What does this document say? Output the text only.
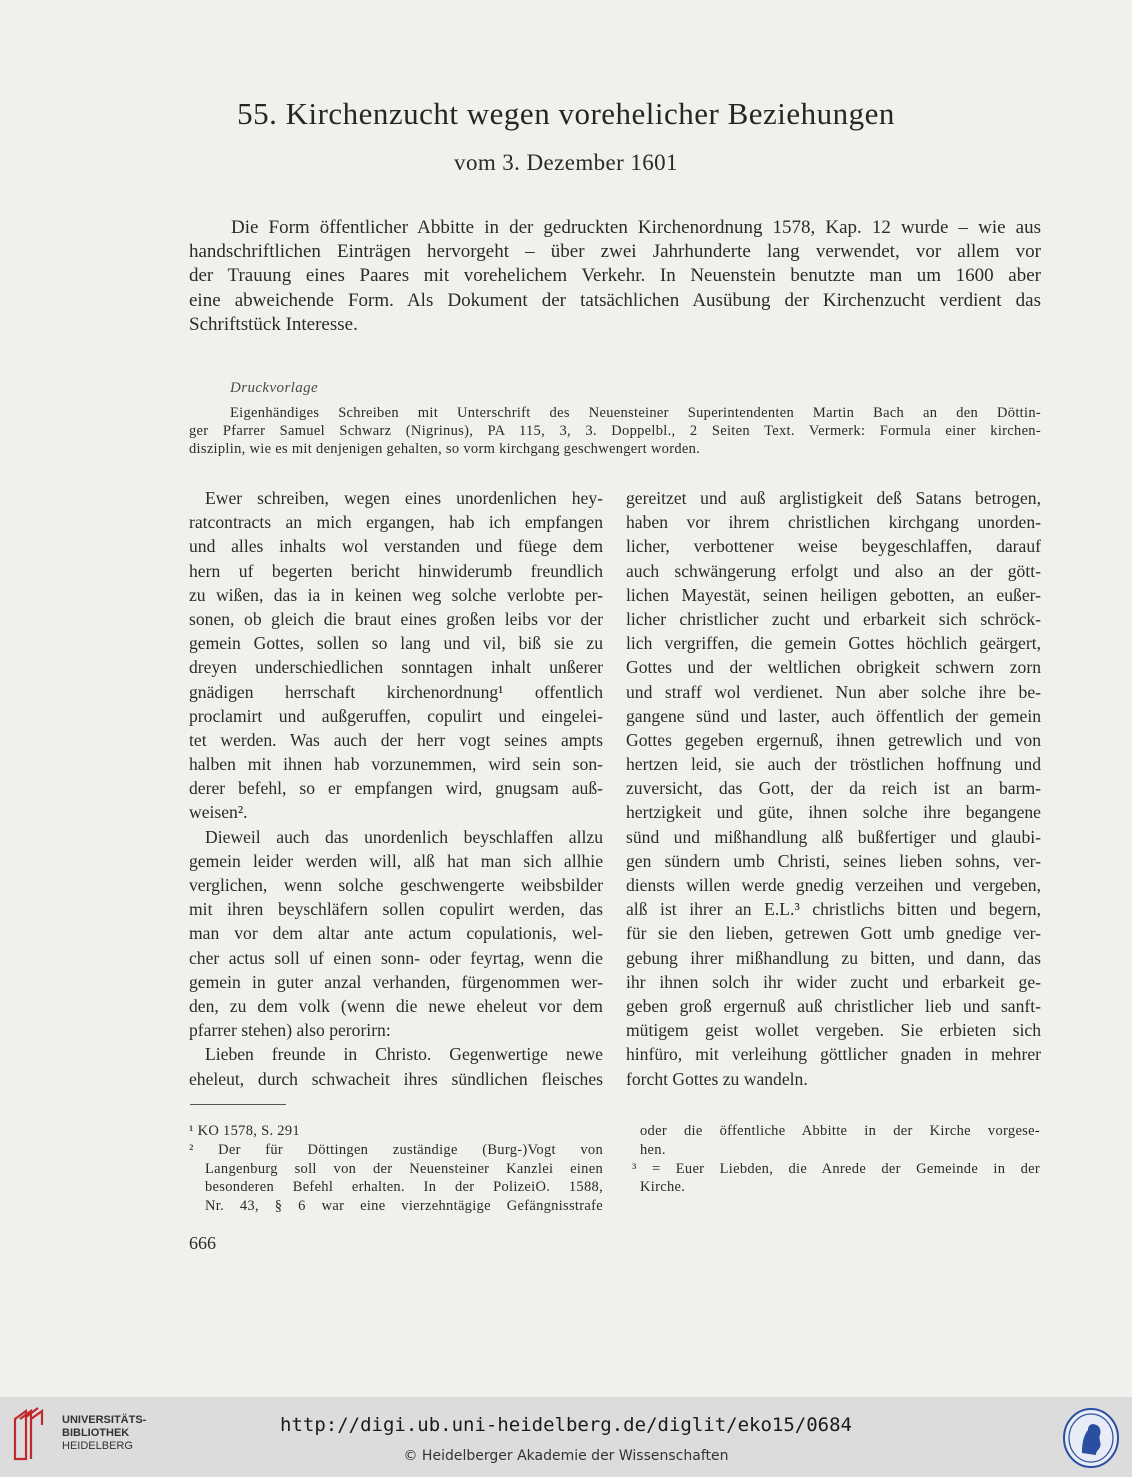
55. Kirchenzucht wegen vorehelicher Beziehungen
vom 3. Dezember 1601
Die Form öffentlicher Abbitte in der gedruckten Kirchenordnung 1578, Kap. 12 wurde – wie aus
handschriftlichen Einträgen hervorgeht – über zwei Jahrhunderte lang verwendet, vor allem vor
der Trauung eines Paares mit vorehelichem Verkehr. In Neuenstein benutzte man um 1600 aber
eine abweichende Form. Als Dokument der tatsächlichen Ausübung der Kirchenzucht verdient das
Schriftstück Interesse.
Druckvorlage
Eigenhändiges Schreiben mit Unterschrift des Neuensteiner Superintendenten Martin Bach an den Döttin-
ger Pfarrer Samuel Schwarz (Nigrinus), PA 115, 3, 3. Doppelbl., 2 Seiten Text. Vermerk: Formula einer kirchen-
disziplin, wie es mit denjenigen gehalten, so vorm kirchgang geschwengert worden.
Ewer schreiben, wegen eines unordenlichen hey-
ratcontracts an mich ergangen, hab ich empfangen
und alles inhalts wol verstanden und füege dem
hern uf begerten bericht hinwiderumb freundlich
zu wißen, das ia in keinen weg solche verlobte per-
sonen, ob gleich die braut eines großen leibs vor der
gemein Gottes, sollen so lang und vil, biß sie zu
dreyen underschiedlichen sonntagen inhalt unßerer
gnädigen herrschaft kirchenordnung¹ offentlich
proclamirt und außgeruffen, copulirt und eingelei-
tet werden. Was auch der herr vogt seines ampts
halben mit ihnen hab vorzunemmen, wird sein son-
derer befehl, so er empfangen wird, gnugsam auß-
weisen².
Dieweil auch das unordenlich beyschlaffen allzu
gemein leider werden will, alß hat man sich allhie
verglichen, wenn solche geschwengerte weibsbilder
mit ihren beyschläfern sollen copulirt werden, das
man vor dem altar ante actum copulationis, wel-
cher actus soll uf einen sonn- oder feyrtag, wenn die
gemein in guter anzal verhanden, fürgenommen wer-
den, zu dem volk (wenn die newe eheleut vor dem
pfarrer stehen) also perorirn:
Lieben freunde in Christo. Gegenwertige newe
eheleut, durch schwacheit ihres sündlichen fleisches
gereitzet und auß arglistigkeit deß Satans betrogen,
haben vor ihrem christlichen kirchgang unorden-
licher, verbottener weise beygeschlaffen, darauf
auch schwängerung erfolgt und also an der gött-
lichen Mayestät, seinen heiligen gebotten, an eußer-
licher christlicher zucht und erbarkeit sich schröck-
lich vergriffen, die gemein Gottes höchlich geärgert,
Gottes und der weltlichen obrigkeit schwern zorn
und straff wol verdienet. Nun aber solche ihre be-
gangene sünd und laster, auch öffentlich der gemein
Gottes gegeben ergernuß, ihnen getrewlich und von
hertzen leid, sie auch der tröstlichen hoffnung und
zuversicht, das Gott, der da reich ist an barm-
hertzigkeit und güte, ihnen solche ihre begangene
sünd und mißhandlung alß bußfertiger und glaubi-
gen sündern umb Christi, seines lieben sohns, ver-
diensts willen werde gnedig verzeihen und vergeben,
alß ist ihrer an E.L.³ christlichs bitten und begern,
für sie den lieben, getrewen Gott umb gnedige ver-
gebung ihrer mißhandlung zu bitten, und dann, das
ihr ihnen solch ihr wider zucht und erbarkeit ge-
geben groß ergernuß auß christlicher lieb und sanft-
mütigem geist wollet vergeben. Sie erbieten sich
hinfüro, mit verleihung göttlicher gnaden in mehrer
forcht Gottes zu wandeln.
¹ KO 1578, S. 291
² Der für Döttingen zuständige (Burg-)Vogt von
Langenburg soll von der Neuensteiner Kanzlei einen
besonderen Befehl erhalten. In der PolizeiO. 1588,
Nr. 43, § 6 war eine vierzehntägige Gefängnisstrafe
oder die öffentliche Abbitte in der Kirche vorgese-
hen.
³ = Euer Liebden, die Anrede der Gemeinde in der
Kirche.
666
UNIVERSITÄTS-
BIBLIOTHEK
HEIDELBERG
http://digi.ub.uni-heidelberg.de/diglit/eko15/0684
© Heidelberger Akademie der Wissenschaften
